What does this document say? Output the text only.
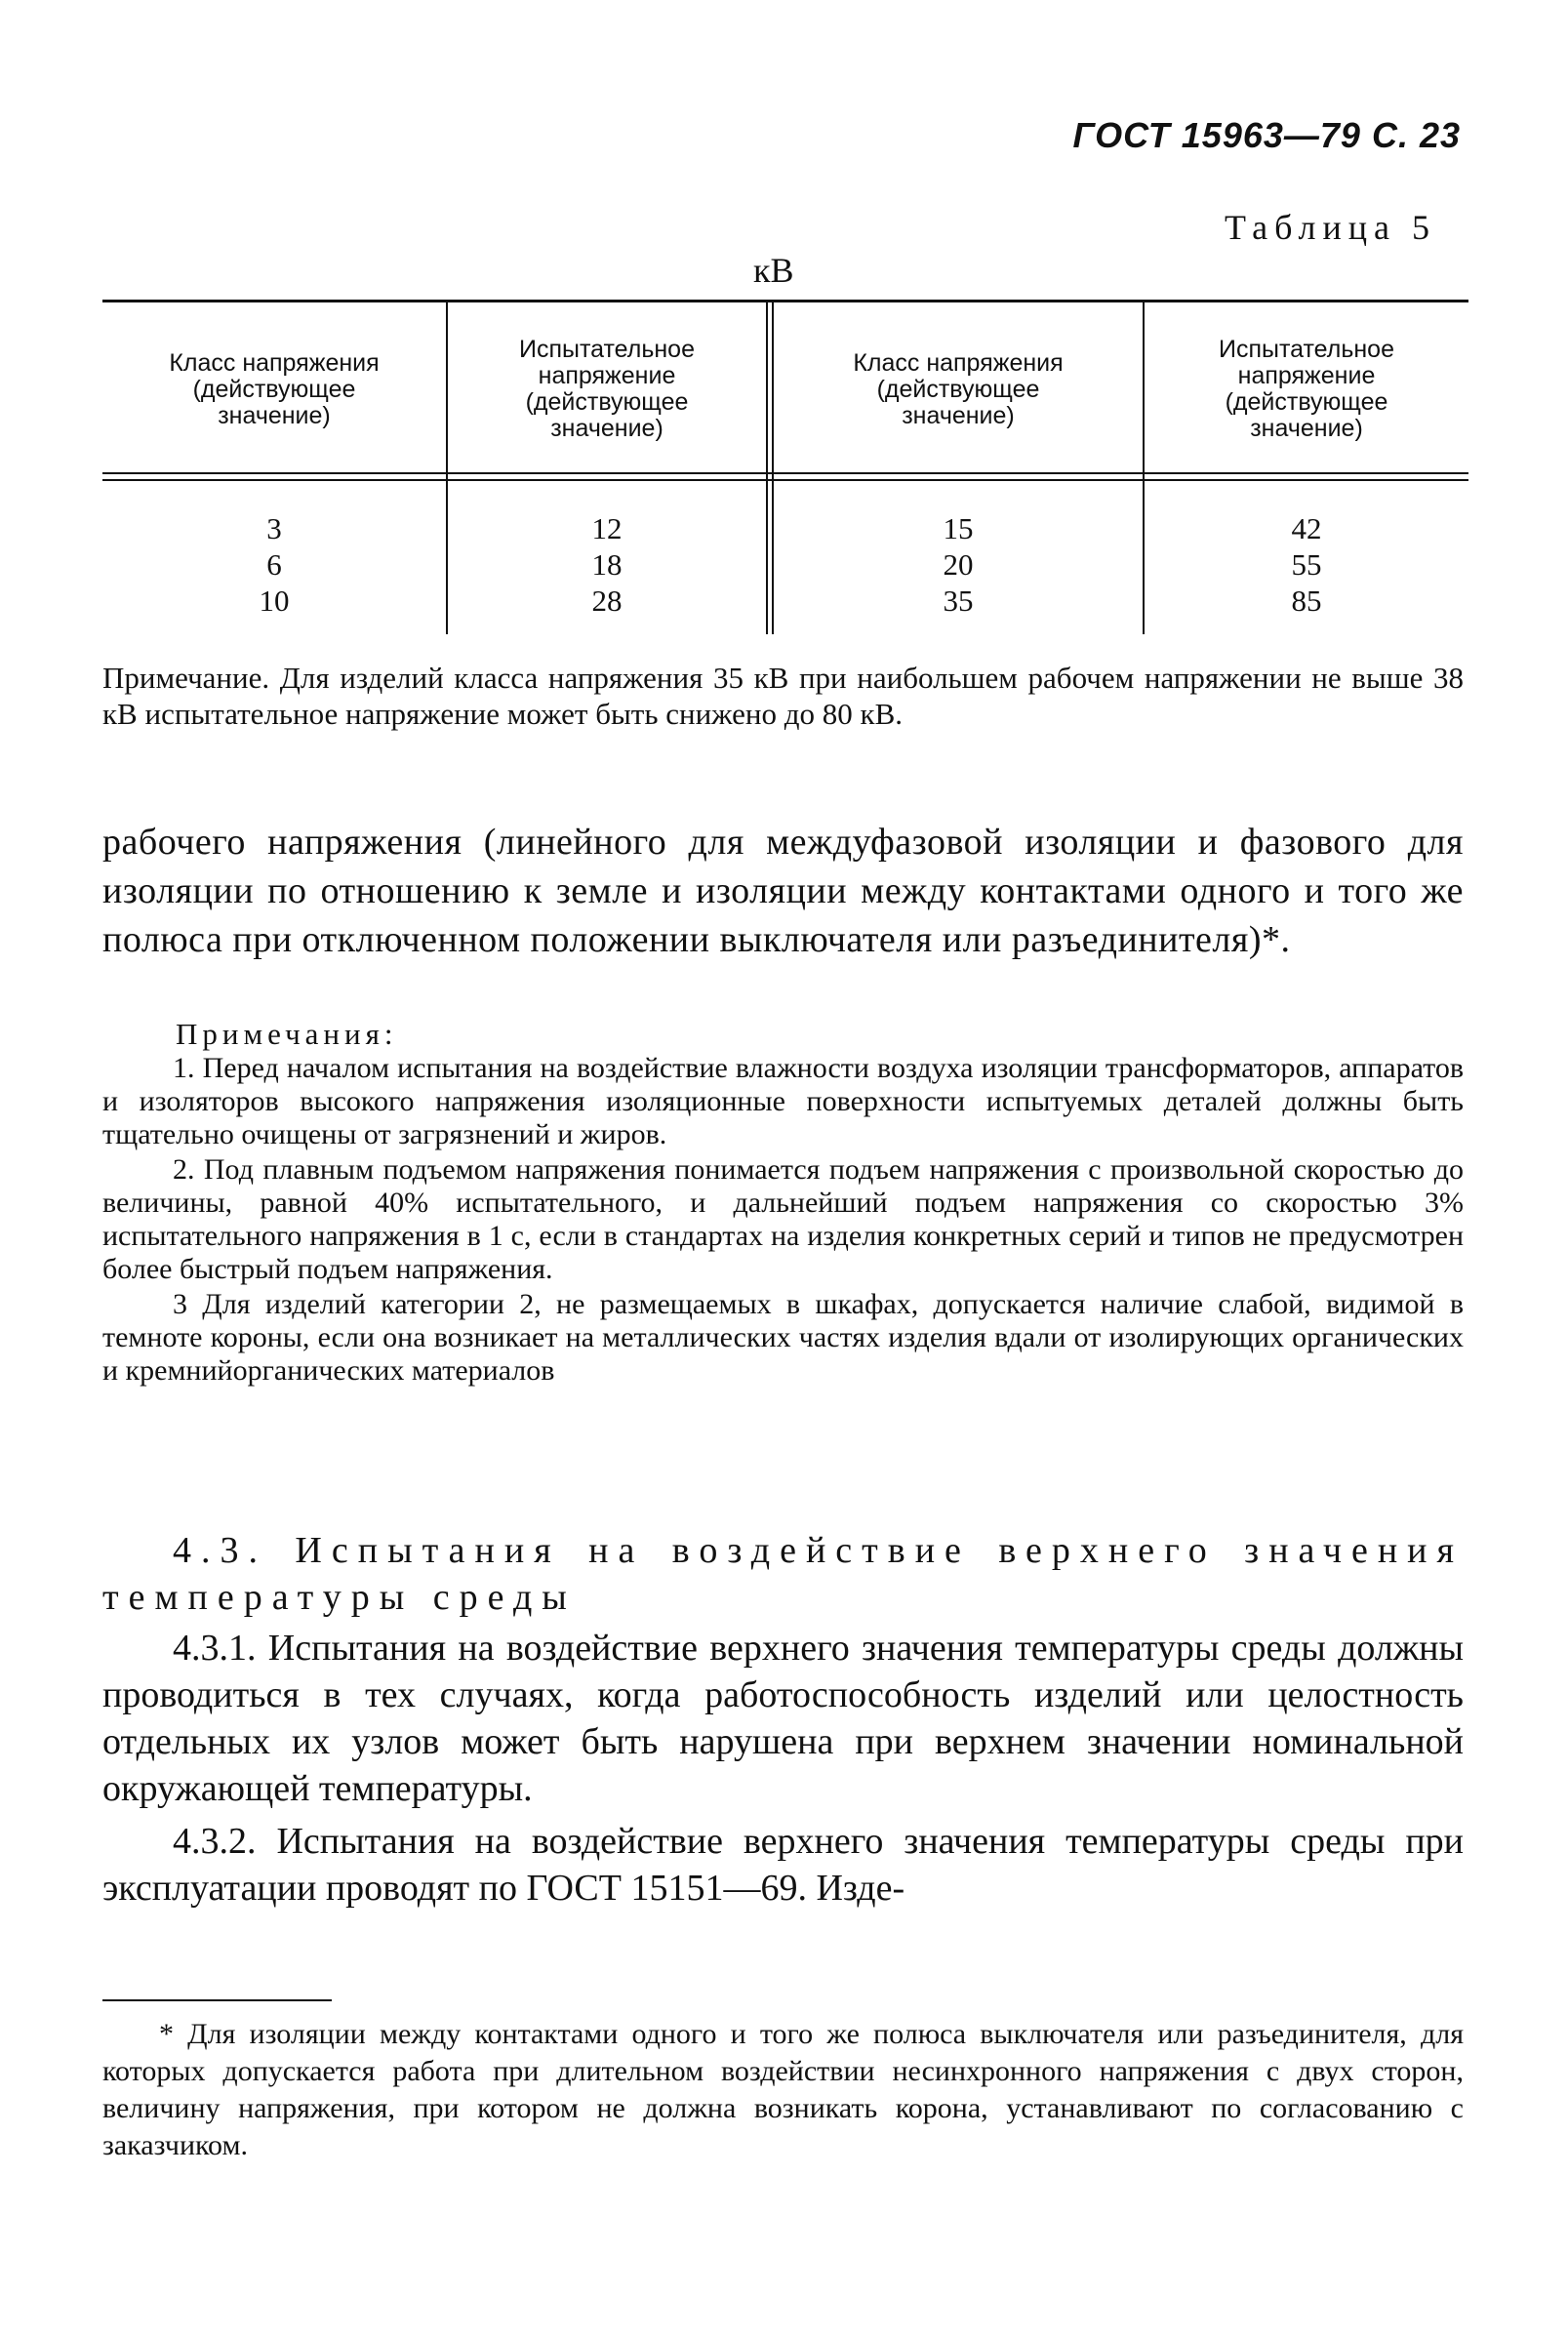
ГОСТ 15963—79 С. 23
Таблица 5
кВ
Класс напряжения
(действующее
значение)
Испытательное
напряжение
(действующее
значение)
Класс напряжения
(действующее
значение)
Испытательное
напряжение
(действующее
значение)
3
6
10
12
18
28
15
20
35
42
55
85
Примечание. Для изделий класса напряжения 35 кВ при наибольшем рабочем напряжении не выше 38 кВ испытательное напряжение может быть снижено до 80 кВ.
рабочего напряжения (линейного для междуфазовой изоляции и фазового для изоляции по отношению к земле и изоляции между контактами одного и того же полюса при отключенном положении выключателя или разъединителя)*.
Примечания:

1. Перед началом испытания на воздействие влажности воздуха изоляции трансформаторов, аппаратов и изоляторов высокого напряжения изоляционные поверхности испытуемых деталей должны быть тщательно очищены от загрязнений и жиров.

2. Под плавным подъемом напряжения понимается подъем напряжения с произвольной скоростью до величины, равной 40% испытательного, и дальнейший подъем напряжения со скоростью 3% испытательного напряжения в 1 с, если в стандартах на изделия конкретных серий и типов не предусмотрен более быстрый подъем напряжения.

3 Для изделий категории 2, не размещаемых в шкафах, допускается наличие слабой, видимой в темноте короны, если она возникает на металлических частях изделия вдали от изолирующих органических и кремнийорганических материалов

4.3. Испытания на воздействие верхнего значения температуры среды

4.3.1. Испытания на воздействие верхнего значения температуры среды должны проводиться в тех случаях, когда работоспособность изделий или целостность отдельных их узлов может быть нарушена при верхнем значении номинальной окружающей температуры.

4.3.2. Испытания на воздействие верхнего значения температуры среды при эксплуатации проводят по ГОСТ 15151—69. Изде-

* Для изоляции между контактами одного и того же полюса выключателя или разъединителя, для которых допускается работа при длительном воздействии несинхронного напряжения с двух сторон, величину напряжения, при котором не должна возникать корона, устанавливают по согласованию с заказчиком.
